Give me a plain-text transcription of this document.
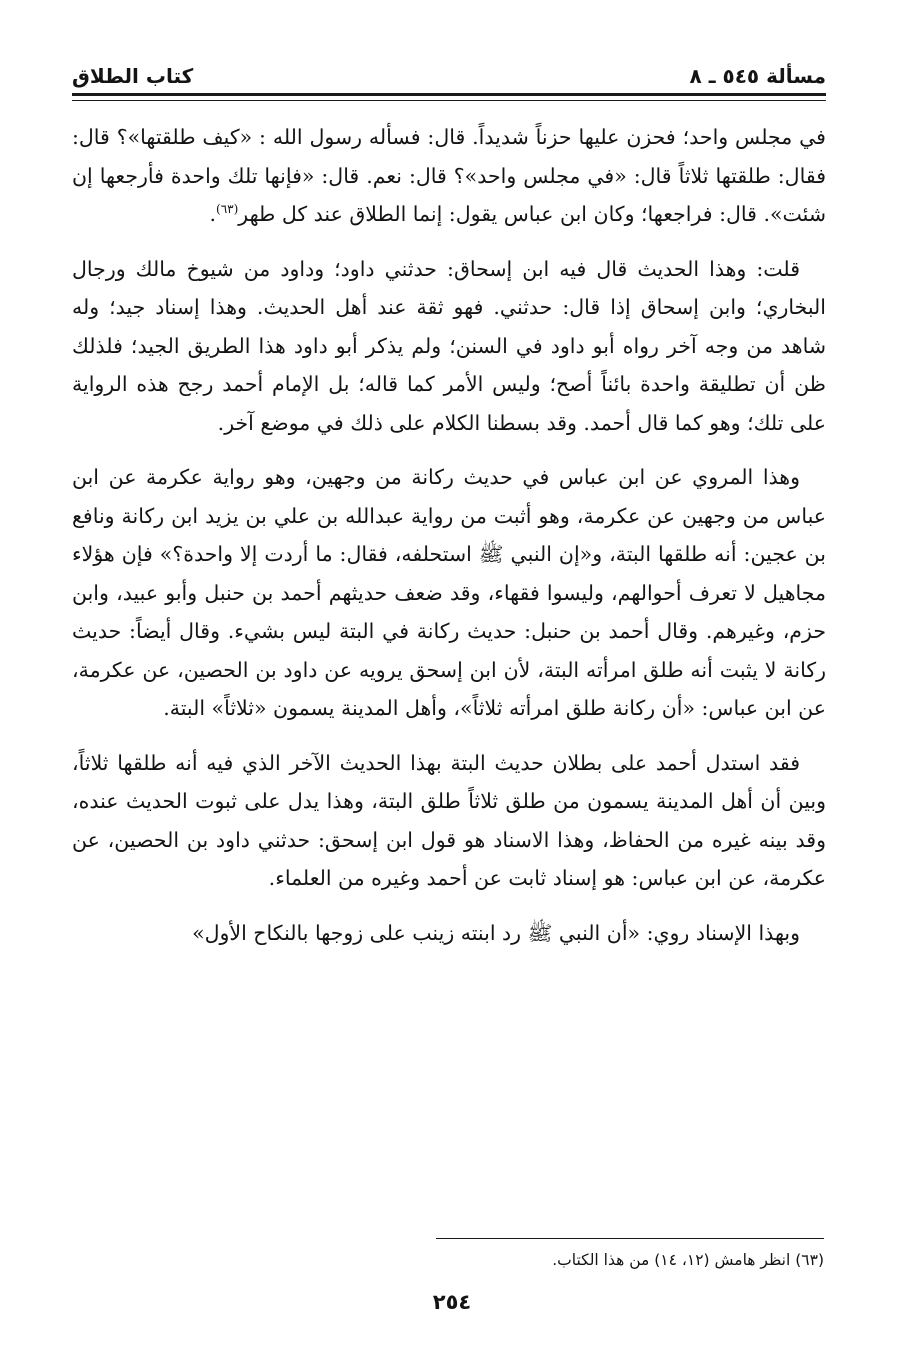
مسألة ٥٤٥ ـ ٨
كتاب الطلاق

في مجلس واحد؛ فحزن عليها حزناً شديداً. قال: فسأله رسول الله : «كيف طلقتها»؟ قال: فقال: طلقتها ثلاثاً قال: «في مجلس واحد»؟ قال: نعم. قال: «فإنها تلك واحدة فأرجعها إن شئت». قال: فراجعها؛ وكان ابن عباس يقول: إنما الطلاق عند كل طهر$^{(٦٣)}$.

قلت: وهذا الحديث قال فيه ابن إسحاق: حدثني داود؛ وداود من شيوخ مالك ورجال البخاري؛ وابن إسحاق إذا قال: حدثني. فهو ثقة عند أهل الحديث. وهذا إسناد جيد؛ وله شاهد من وجه آخر رواه أبو داود في السنن؛ ولم يذكر أبو داود هذا الطريق الجيد؛ فلذلك ظن أن تطليقة واحدة بائناً أصح؛ وليس الأمر كما قاله؛ بل الإمام أحمد رجح هذه الرواية على تلك؛ وهو كما قال أحمد. وقد بسطنا الكلام على ذلك في موضع آخر.

وهذا المروي عن ابن عباس في حديث ركانة من وجهين، وهو رواية عكرمة عن ابن عباس من وجهين عن عكرمة، وهو أثبت من رواية عبدالله بن علي بن يزيد ابن ركانة ونافع بن عجين: أنه طلقها البتة، و«إن النبي ﷺ استحلفه، فقال: ما أردت إلا واحدة؟» فإن هؤلاء مجاهيل لا تعرف أحوالهم، وليسوا فقهاء، وقد ضعف حديثهم أحمد بن حنبل وأبو عبيد، وابن حزم، وغيرهم. وقال أحمد بن حنبل: حديث ركانة في البتة ليس بشيء. وقال أيضاً: حديث ركانة لا يثبت أنه طلق امرأته البتة، لأن ابن إسحق يرويه عن داود بن الحصين، عن عكرمة، عن ابن عباس: «أن ركانة طلق امرأته ثلاثاً»، وأهل المدينة يسمون «ثلاثاً» البتة.

فقد استدل أحمد على بطلان حديث البتة بهذا الحديث الآخر الذي فيه أنه طلقها ثلاثاً، وبين أن أهل المدينة يسمون من طلق ثلاثاً طلق البتة، وهذا يدل على ثبوت الحديث عنده، وقد بينه غيره من الحفاظ، وهذا الاسناد هو قول ابن إسحق: حدثني داود بن الحصين، عن عكرمة، عن ابن عباس: هو إسناد ثابت عن أحمد وغيره من العلماء.

وبهذا الإسناد روي: «أن النبي ﷺ رد ابنته زينب على زوجها بالنكاح الأول»

(٦٣) انظر هامش (١٢، ١٤) من هذا الكتاب.
٢٥٤
